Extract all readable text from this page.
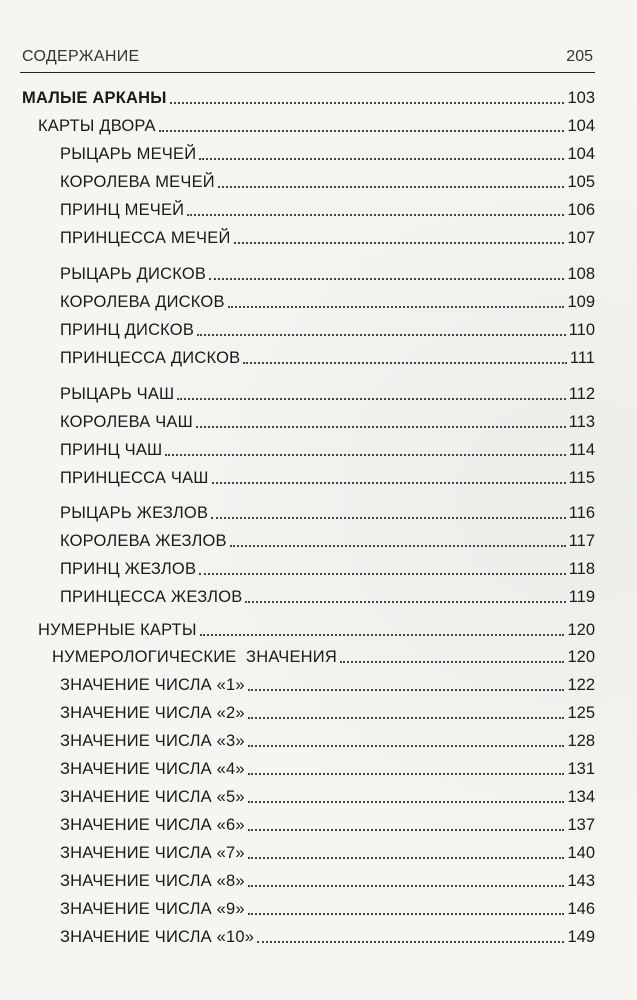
СОДЕРЖАНИЕ	205
МАЛЫЕ АРКАНЫ	103
КАРТЫ ДВОРА	104
РЫЦАРЬ МЕЧЕЙ	104
КОРОЛЕВА МЕЧЕЙ	105
ПРИНЦ МЕЧЕЙ	106
ПРИНЦЕССА МЕЧЕЙ	107
РЫЦАРЬ ДИСКОВ	108
КОРОЛЕВА ДИСКОВ	109
ПРИНЦ ДИСКОВ	110
ПРИНЦЕССА ДИСКОВ	111
РЫЦАРЬ ЧАШ	112
КОРОЛЕВА ЧАШ	113
ПРИНЦ ЧАШ	114
ПРИНЦЕССА ЧАШ	115
РЫЦАРЬ ЖЕЗЛОВ	116
КОРОЛЕВА ЖЕЗЛОВ	117
ПРИНЦ ЖЕЗЛОВ	118
ПРИНЦЕССА ЖЕЗЛОВ	119
НУМЕРНЫЕ КАРТЫ	120
НУМЕРОЛОГИЧЕСКИЕ  ЗНАЧЕНИЯ	120
ЗНАЧЕНИЕ ЧИСЛА «1»	122
ЗНАЧЕНИЕ ЧИСЛА «2»	125
ЗНАЧЕНИЕ ЧИСЛА «3»	128
ЗНАЧЕНИЕ ЧИСЛА «4»	131
ЗНАЧЕНИЕ ЧИСЛА «5»	134
ЗНАЧЕНИЕ ЧИСЛА «6»	137
ЗНАЧЕНИЕ ЧИСЛА «7»	140
ЗНАЧЕНИЕ ЧИСЛА «8»	143
ЗНАЧЕНИЕ ЧИСЛА «9»	146
ЗНАЧЕНИЕ ЧИСЛА «10»	149
